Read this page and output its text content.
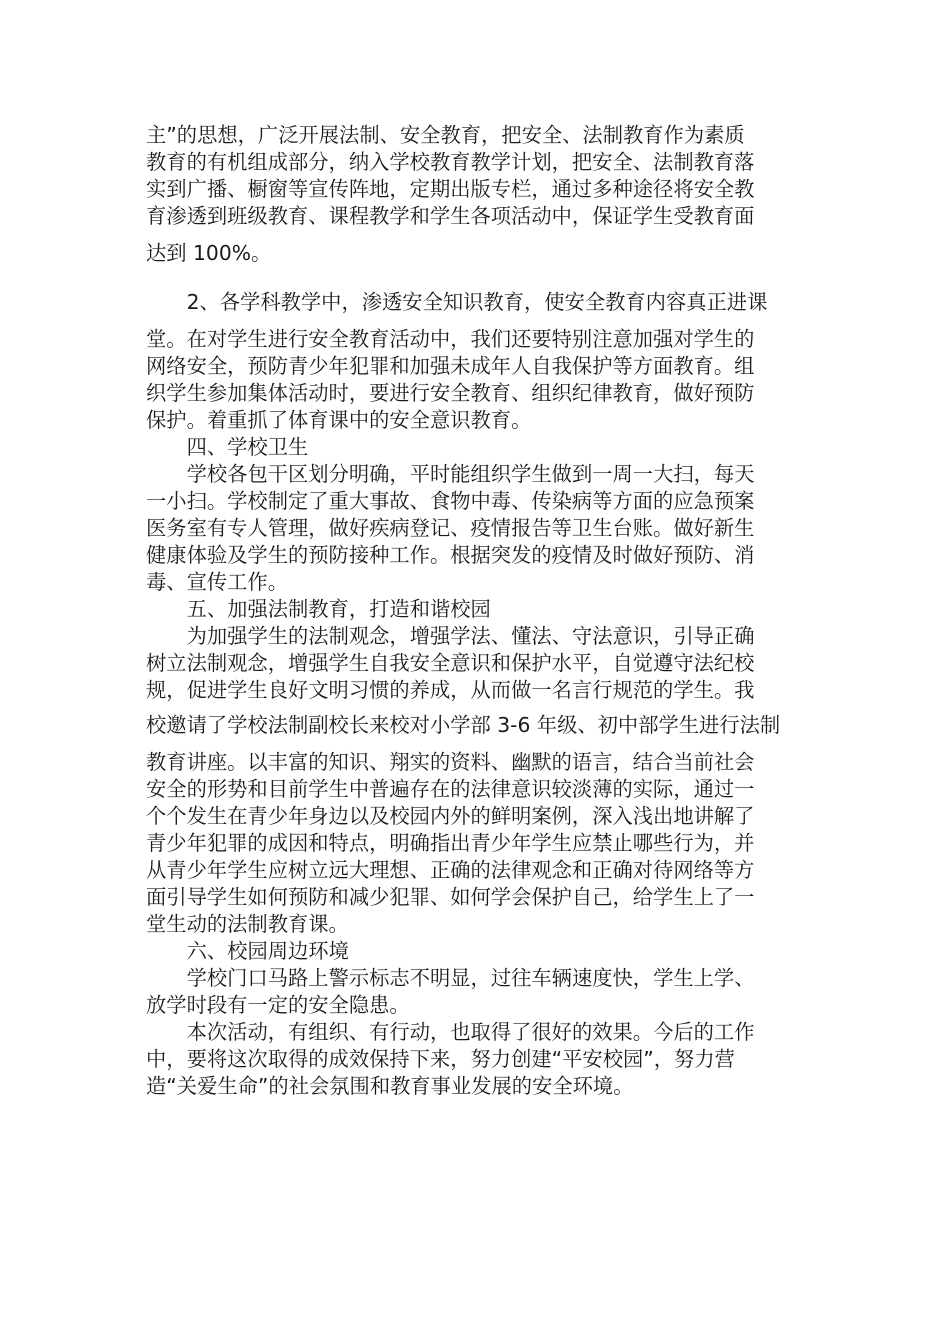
主”的思想，广泛开展法制、安全教育，把安全、法制教育作为素质

教育的有机组成部分，纳入学校教育教学计划，把安全、法制教育落

实到广播、橱窗等宣传阵地，定期出版专栏，通过多种途径将安全教

育渗透到班级教育、课程教学和学生各项活动中，保证学生受教育面

达到 100%。

2、各学科教学中，渗透安全知识教育，使安全教育内容真正进课

堂。在对学生进行安全教育活动中，我们还要特别注意加强对学生的

网络安全，预防青少年犯罪和加强未成年人自我保护等方面教育。组

织学生参加集体活动时，要进行安全教育、组织纪律教育，做好预防

保护。着重抓了体育课中的安全意识教育。

四、学校卫生

学校各包干区划分明确，平时能组织学生做到一周一大扫，每天

一小扫。学校制定了重大事故、食物中毒、传染病等方面的应急预案

医务室有专人管理，做好疾病登记、疫情报告等卫生台账。做好新生

健康体验及学生的预防接种工作。根据突发的疫情及时做好预防、消

毒、宣传工作。

五、加强法制教育，打造和谐校园

为加强学生的法制观念，增强学法、懂法、守法意识，引导正确

树立法制观念，增强学生自我安全意识和保护水平，自觉遵守法纪校

规，促进学生良好文明习惯的养成，从而做一名言行规范的学生。我

校邀请了学校法制副校长来校对小学部 3-6 年级、初中部学生进行法制

教育讲座。以丰富的知识、翔实的资料、幽默的语言，结合当前社会

安全的形势和目前学生中普遍存在的法律意识较淡薄的实际，通过一

个个发生在青少年身边以及校园内外的鲜明案例，深入浅出地讲解了

青少年犯罪的成因和特点，明确指出青少年学生应禁止哪些行为，并

从青少年学生应树立远大理想、正确的法律观念和正确对待网络等方

面引导学生如何预防和减少犯罪、如何学会保护自己，给学生上了一

堂生动的法制教育课。

六、校园周边环境

学校门口马路上警示标志不明显，过往车辆速度快，学生上学、

放学时段有一定的安全隐患。

本次活动，有组织、有行动，也取得了很好的效果。今后的工作

中，要将这次取得的成效保持下来，努力创建“平安校园”，努力营

造“关爱生命”的社会氛围和教育事业发展的安全环境。
